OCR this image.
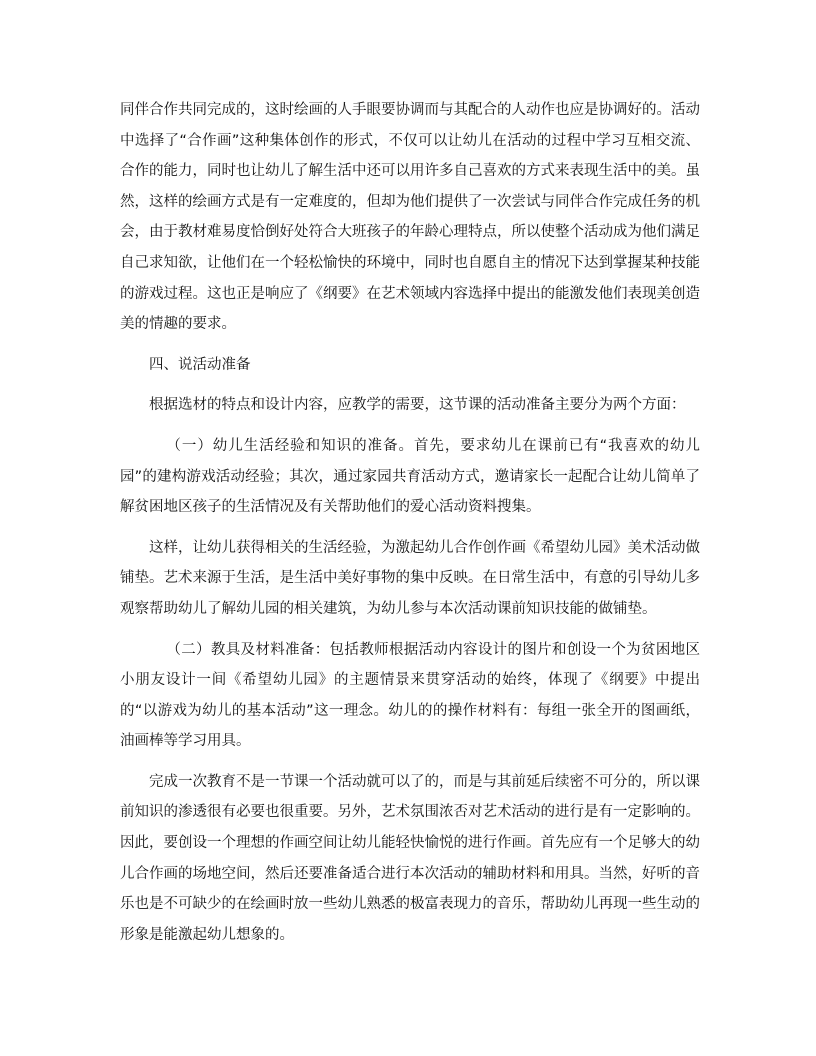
同伴合作共同完成的，这时绘画的人手眼要协调而与其配合的人动作也应是协调好的。活动中选择了“合作画”这种集体创作的形式，不仅可以让幼儿在活动的过程中学习互相交流、合作的能力，同时也让幼儿了解生活中还可以用许多自己喜欢的方式来表现生活中的美。虽然，这样的绘画方式是有一定难度的，但却为他们提供了一次尝试与同伴合作完成任务的机会，由于教材难易度恰倒好处符合大班孩子的年龄心理特点，所以使整个活动成为他们满足自己求知欲，让他们在一个轻松愉快的环境中，同时也自愿自主的情况下达到掌握某种技能的游戏过程。这也正是响应了《纲要》在艺术领域内容选择中提出的能激发他们表现美创造美的情趣的要求。

四、说活动准备

根据选材的特点和设计内容，应教学的需要，这节课的活动准备主要分为两个方面：

（一）幼儿生活经验和知识的准备。首先，要求幼儿在课前已有“我喜欢的幼儿园”的建构游戏活动经验；其次，通过家园共育活动方式，邀请家长一起配合让幼儿简单了解贫困地区孩子的生活情况及有关帮助他们的爱心活动资料搜集。

这样，让幼儿获得相关的生活经验，为激起幼儿合作创作画《希望幼儿园》美术活动做铺垫。艺术来源于生活，是生活中美好事物的集中反映。在日常生活中，有意的引导幼儿多观察帮助幼儿了解幼儿园的相关建筑，为幼儿参与本次活动课前知识技能的做铺垫。

（二）教具及材料准备：包括教师根据活动内容设计的图片和创设一个为贫困地区小朋友设计一间《希望幼儿园》的主题情景来贯穿活动的始终，体现了《纲要》中提出的“以游戏为幼儿的基本活动”这一理念。幼儿的的操作材料有：每组一张全开的图画纸，油画棒等学习用具。

完成一次教育不是一节课一个活动就可以了的，而是与其前延后续密不可分的，所以课前知识的渗透很有必要也很重要。另外，艺术氛围浓否对艺术活动的进行是有一定影响的。因此，要创设一个理想的作画空间让幼儿能轻快愉悦的进行作画。首先应有一个足够大的幼儿合作画的场地空间，然后还要准备适合进行本次活动的辅助材料和用具。当然，好听的音乐也是不可缺少的在绘画时放一些幼儿熟悉的极富表现力的音乐，帮助幼儿再现一些生动的形象是能激起幼儿想象的。
